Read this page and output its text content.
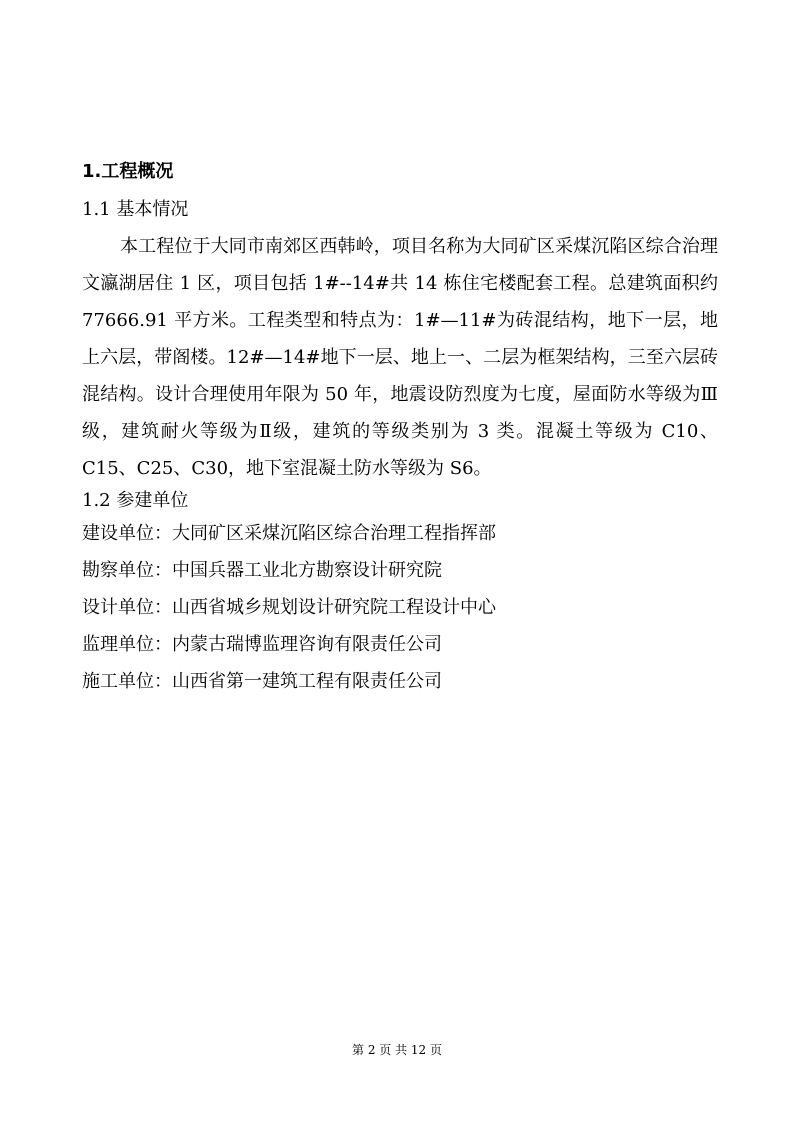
1.工程概况
1.1 基本情况

本工程位于大同市南郊区西韩岭，项目名称为大同矿区采煤沉陷区综合治理文瀛湖居住 1 区，项目包括 1#--14#共 14 栋住宅楼配套工程。总建筑面积约 77666.91 平方米。工程类型和特点为：1#—11#为砖混结构，地下一层，地上六层，带阁楼。12#—14#地下一层、地上一、二层为框架结构，三至六层砖混结构。设计合理使用年限为 50 年，地震设防烈度为七度，屋面防水等级为Ⅲ级，建筑耐火等级为Ⅱ级，建筑的等级类别为 3 类。混凝土等级为 C10、C15、C25、C30，地下室混凝土防水等级为 S6。

1.2 参建单位
建设单位：大同矿区采煤沉陷区综合治理工程指挥部
勘察单位：中国兵器工业北方勘察设计研究院
设计单位：山西省城乡规划设计研究院工程设计中心
监理单位：内蒙古瑞博监理咨询有限责任公司
施工单位：山西省第一建筑工程有限责任公司
第 2 页 共 12 页
